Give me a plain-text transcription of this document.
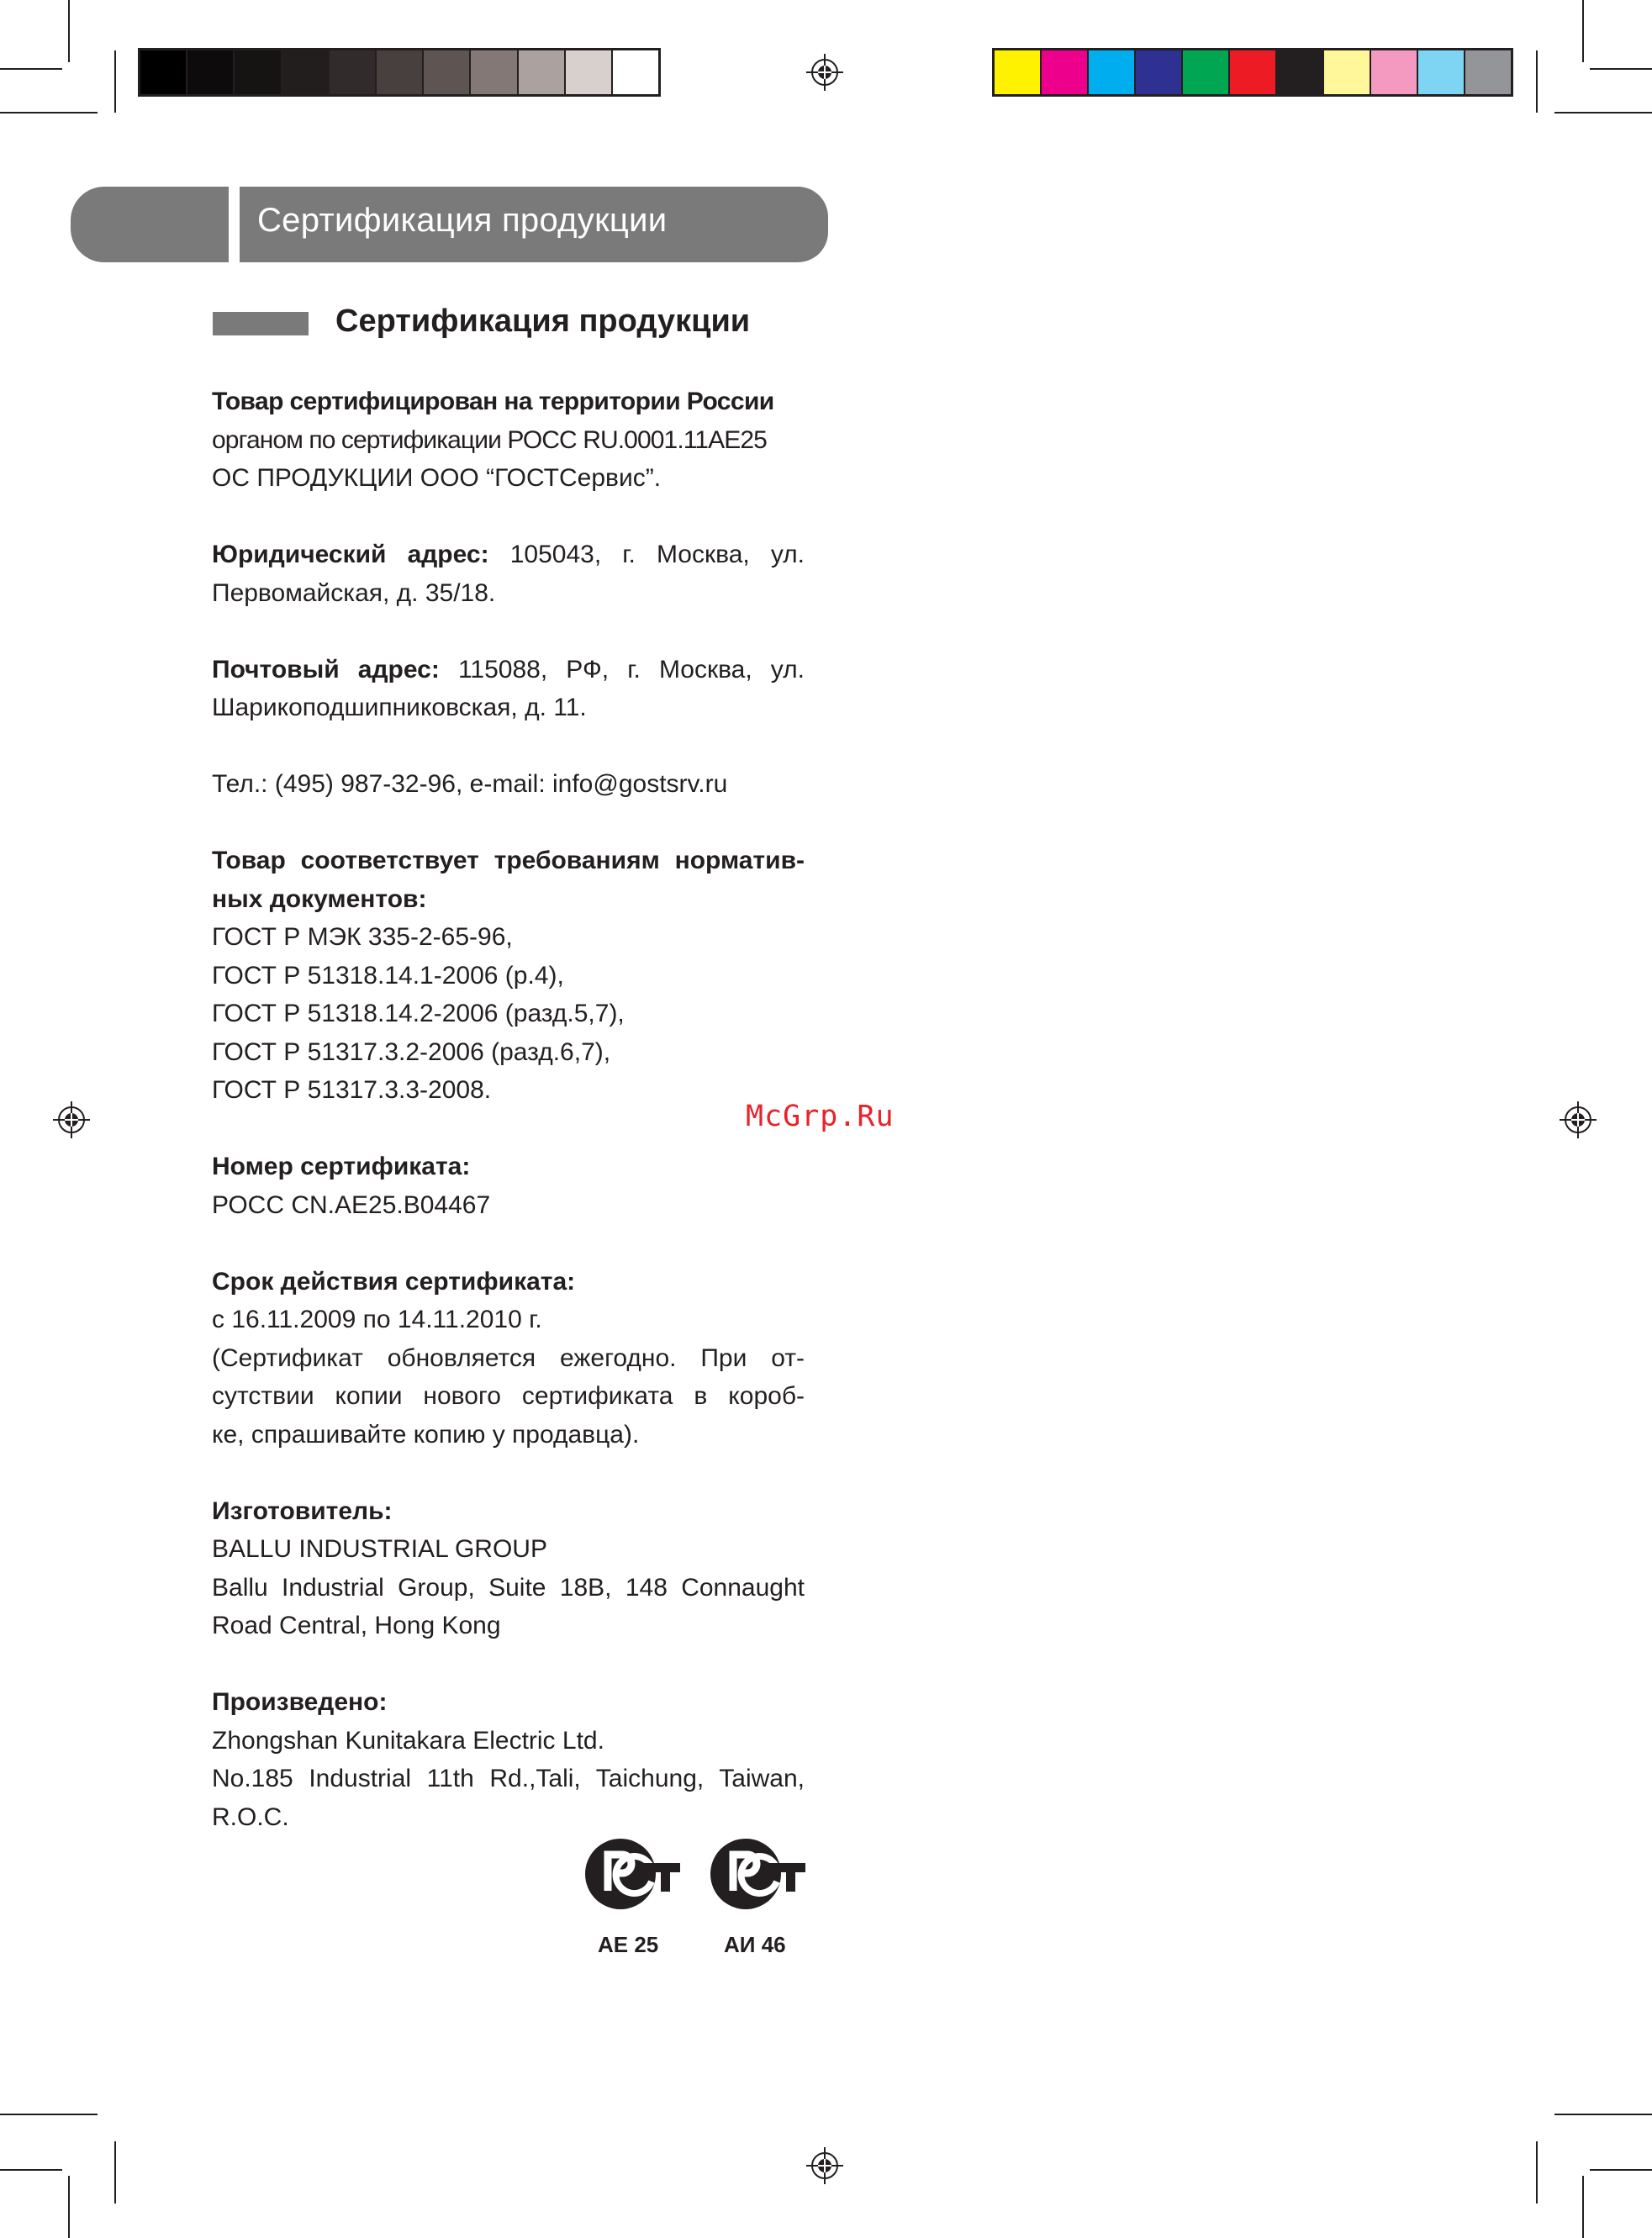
Сертификация продукции
Сертификация продукции

Товар сертифицирован на территории России
органом по сертификации РОСС RU.0001.11АЕ25
ОС ПРОДУКЦИИ ООО “ГОСТСервис”.

Юридический адрес: 105043, г. Москва, ул.
Первомайская, д. 35/18.

Почтовый адрес: 115088, РФ, г. Москва, ул.
Шарикоподшипниковская, д. 11.

Тел.: (495) 987-32-96, e-mail: info@gostsrv.ru

Товар соответствует требованиям норматив-
ных документов:
ГОСТ Р МЭК 335-2-65-96,
ГОСТ Р 51318.14.1-2006 (р.4),
ГОСТ Р 51318.14.2-2006 (разд.5,7),
ГОСТ Р 51317.3.2-2006 (разд.6,7),
ГОСТ Р 51317.3.3-2008.

Номер сертификата:
РОСС CN.АЕ25.В04467

Срок действия сертификата:
с 16.11.2009 по 14.11.2010 г.

(Сертификат обновляется ежегодно. При от-
сутствии копии нового сертификата в короб-
ке, спрашивайте копию у продавца).

Изготовитель:
BALLU INDUSTRIAL GROUP

Ballu Industrial Group, Suite 18B, 148 Connaught
Road Central, Hong Kong

Произведено:
Zhongshan Kunitakara Electric Ltd.

No.185 Industrial 11th Rd.,Tali, Taichung, Taiwan,
R.O.C.

McGrp.Ru
АЕ 25	АИ 46
